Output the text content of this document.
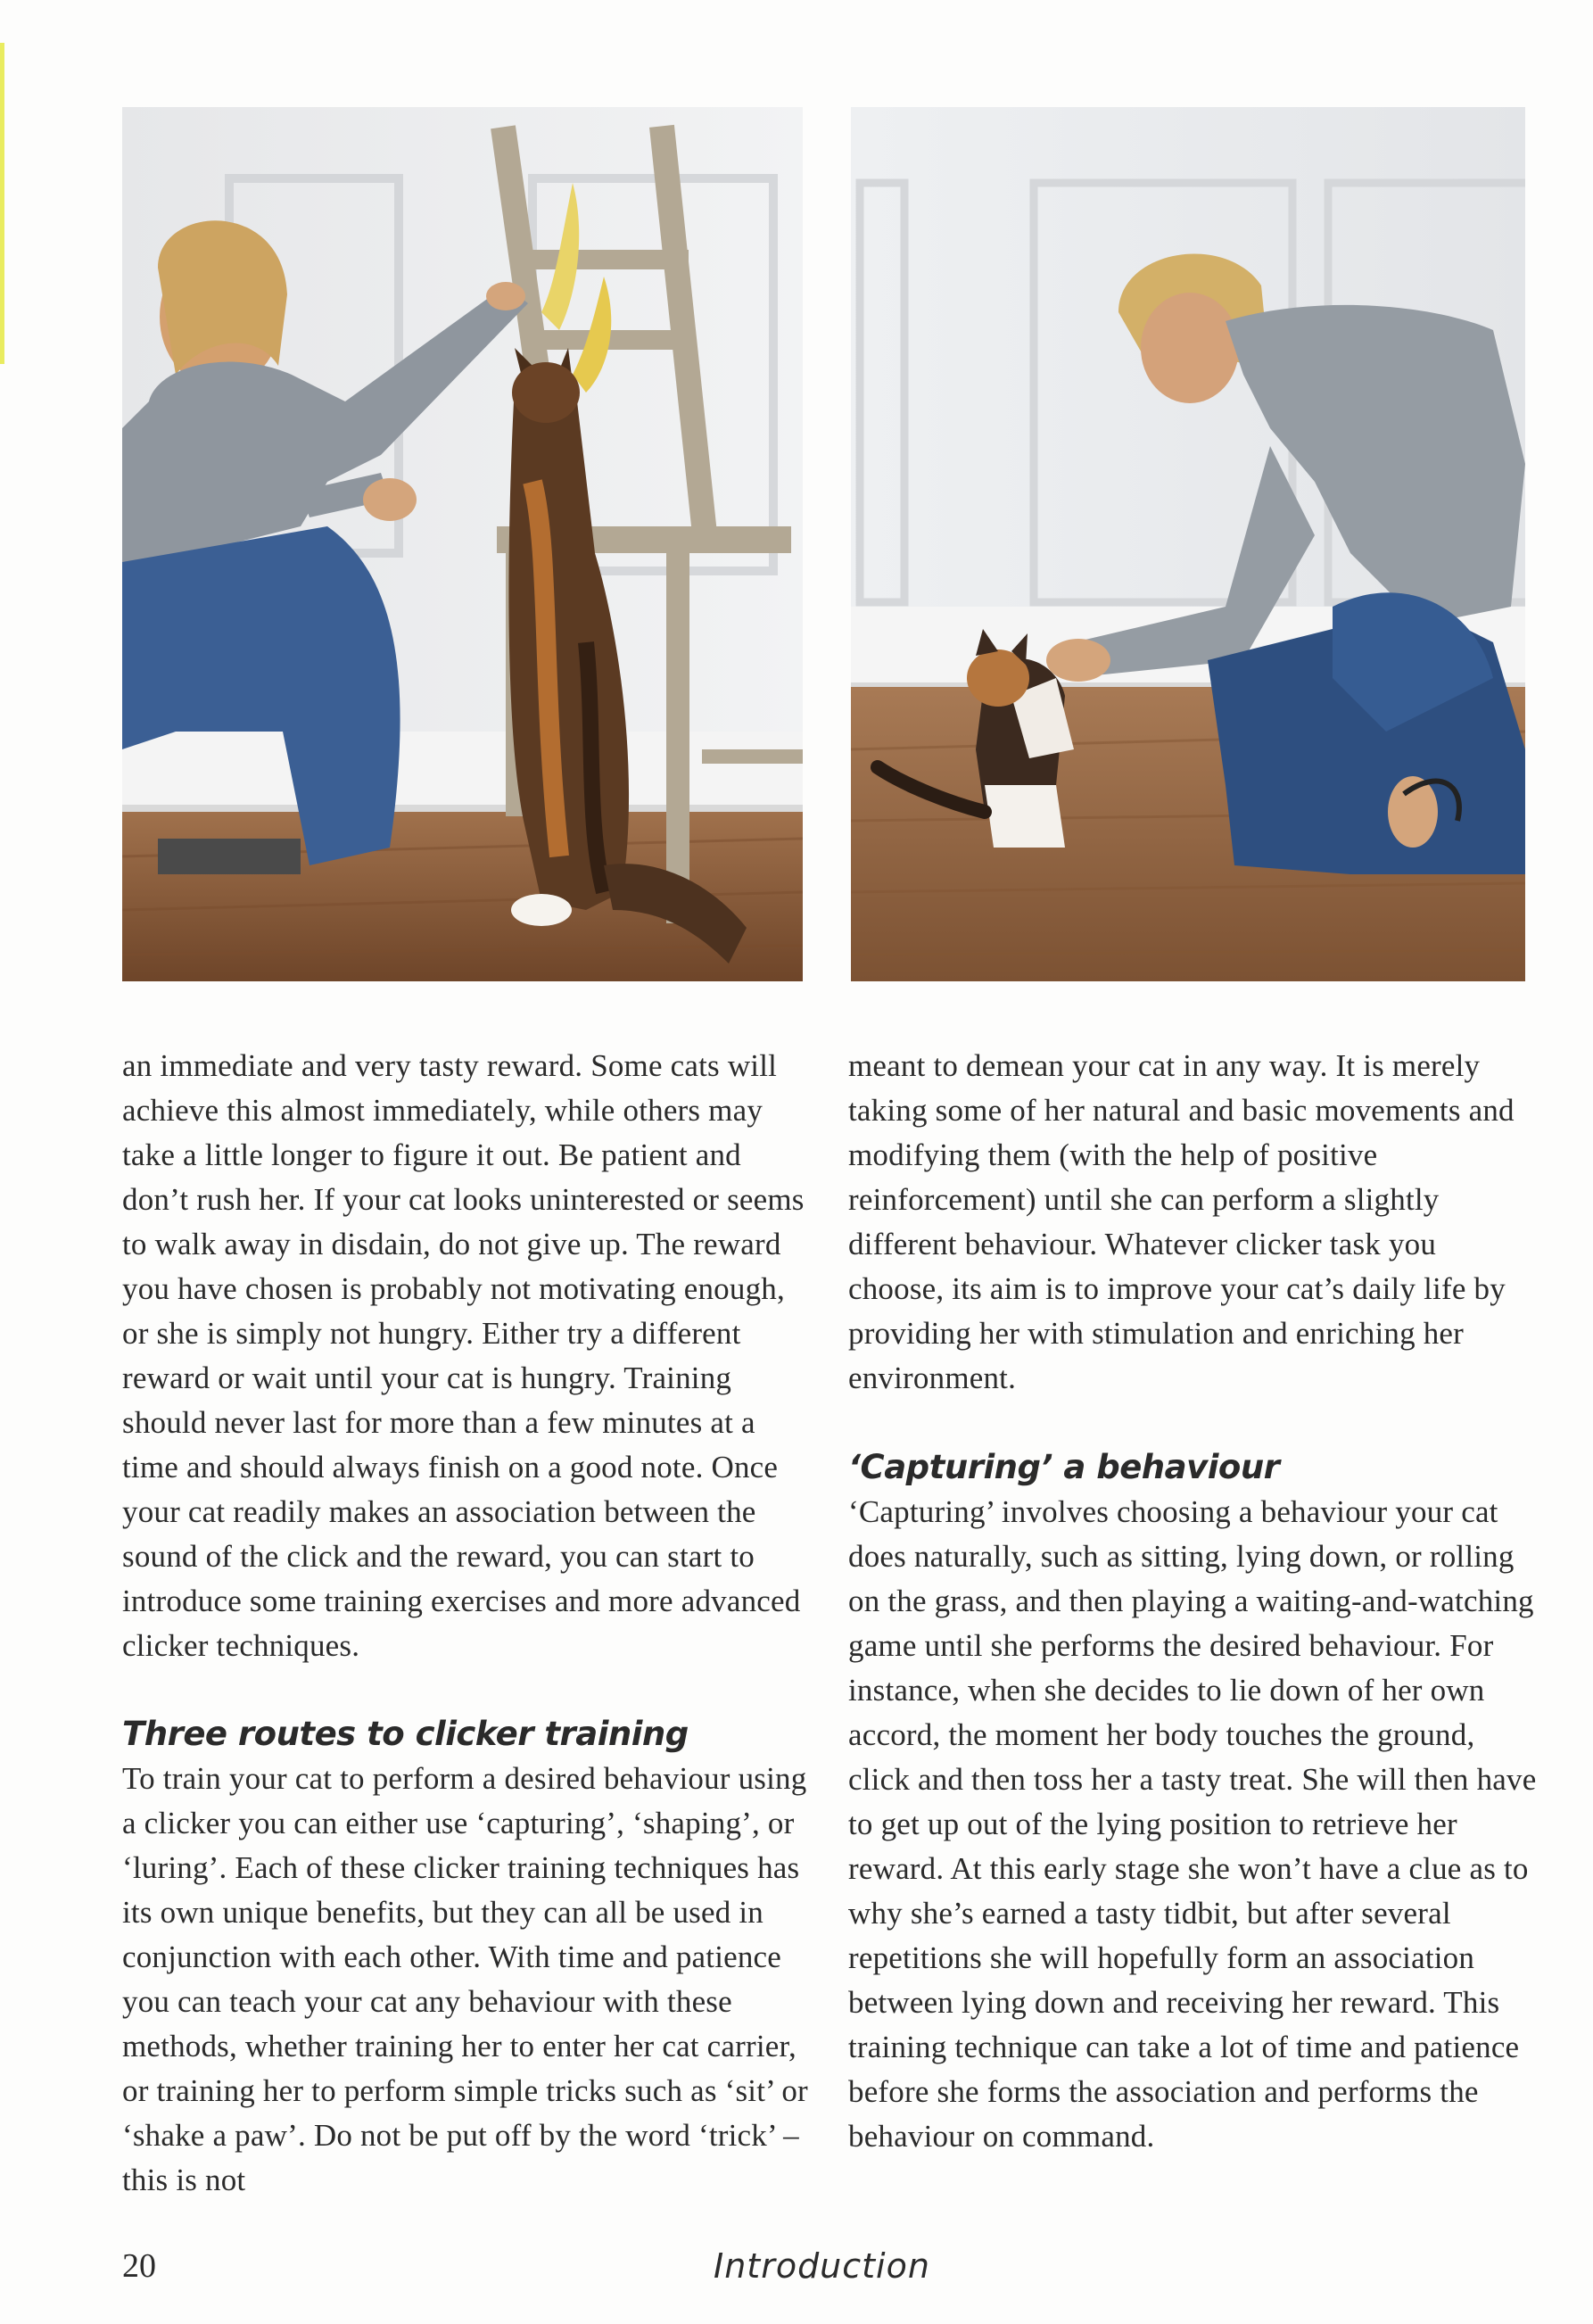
an immediate and very tasty reward. Some cats will achieve this almost immediately, while others may take a little longer to figure it out. Be patient and don’t rush her. If your cat looks uninterested or seems to walk away in disdain, do not give up. The reward you have chosen is probably not motivating enough, or she is simply not hungry. Either try a different reward or wait until your cat is hungry. Training should never last for more than a few minutes at a time and should always finish on a good note. Once your cat readily makes an association between the sound of the click and the reward, you can start to introduce some training exercises and more advanced clicker techniques.

Three routes to clicker training

To train your cat to perform a desired behaviour using a clicker you can either use ‘capturing’, ‘shaping’, or ‘luring’. Each of these clicker training techniques has its own unique benefits, but they can all be used in conjunction with each other. With time and patience you can teach your cat any behaviour with these methods, whether training her to enter her cat carrier, or training her to perform simple tricks such as ‘sit’ or ‘shake a paw’. Do not be put off by the word ‘trick’ – this is not

meant to demean your cat in any way. It is merely taking some of her natural and basic movements and modifying them (with the help of positive reinforcement) until she can perform a slightly different behaviour. Whatever clicker task you choose, its aim is to improve your cat’s daily life by providing her with stimulation and enriching her environment.

‘Capturing’ a behaviour

‘Capturing’ involves choosing a behaviour your cat does naturally, such as sitting, lying down, or rolling on the grass, and then playing a waiting-and-watching game until she performs the desired behaviour. For instance, when she decides to lie down of her own accord, the moment her body touches the ground, click and then toss her a tasty treat. She will then have to get up out of the lying position to retrieve her reward. At this early stage she won’t have a clue as to why she’s earned a tasty tidbit, but after several repetitions she will hopefully form an association between lying down and receiving her reward. This training technique can take a lot of time and patience before she forms the association and performs the behaviour on command.

20	Introduction
